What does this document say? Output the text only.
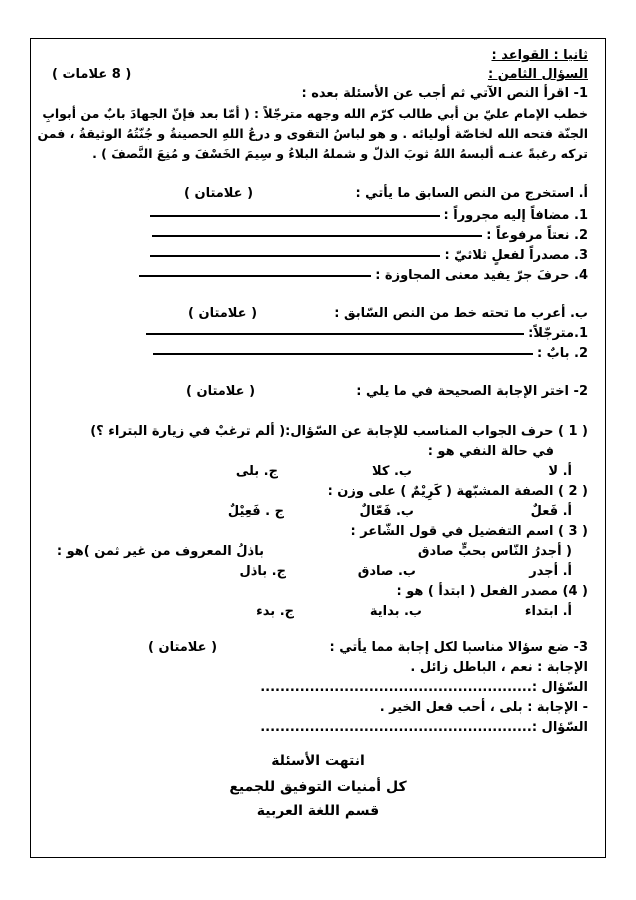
ثانيا : القواعد :
السؤال الثامن :
( 8 علامات )
1- اقرأ النص الآتي ثم أجب عن الأسئلة بعده :
خطب الإمام عليّ بن أبي طالب كرّم الله وجهه مترجّلاً : ( أمّا بعد فإنّ الجهادَ بابٌ من أبوابِ
الجنّة فتحه الله لخاصّة أوليائه . و هو لباسُ التقوى و درعُ اللهِ الحصينةُ و جُنّتُهُ الوثيقةُ ، فمن
تركه رغبةً عنـه ألبسهُ اللهُ ثوبَ الذلّ و شملهُ البلاءُ و سِيمَ الخَسْفَ و مُنِعَ النَّصفَ ) .
أ. استخرج من النص السابق ما يأتي :
( علامتان )
1. مضافاً إليه مجروراً :
2. نعتاً مرفوعاً :
3. مصدراً لفعلٍ ثلاثيّ :
4. حرفَ جرّ يفيد معنى المجاوزة :
ب. أعرب ما تحته خط من النص السّابق :
( علامتان )
1.مترجّلاً:
2. بابٌ :
2- اختر الإجابة الصحيحة في ما يلي :
( علامتان )
( 1 ) حرف الجواب المناسب للإجابة عن السّؤال:( ألم ترغبْ في زيارة البتراء ؟)
في حالة النفي هو :
أ. لا
ب. كلا
ج. بلى
( 2 ) الصفة المشبّهة ( كَرِيْمٌ ) على وزن :
أ. فَعلٌ
ب. فَعّالٌ
ج . فَعِيْلٌ
( 3 ) اسم التفضيل في قول الشّاعر :
( أجدرُ النّاس بحبٍّ صادق
باذلُ المعروف من غير ثمن )هو :
أ. أجدر
ب. صادق
ج. باذل
( 4) مصدر الفعل ( ابتدأ ) هو :
أ. ابتداء
ب. بداية
ج. بدء
3- ضع سؤالا مناسبا لكل إجابة مما يأتي :
( علامتان )
الإجابة : نعم ، الباطل زائل .
السّؤال :.......................................................
- الإجابة : بلى ، أحب فعل الخير .
السّؤال :.......................................................
انتهت الأسئلة
كل أمنيات التوفيق للجميع
قسم اللغة العربية
